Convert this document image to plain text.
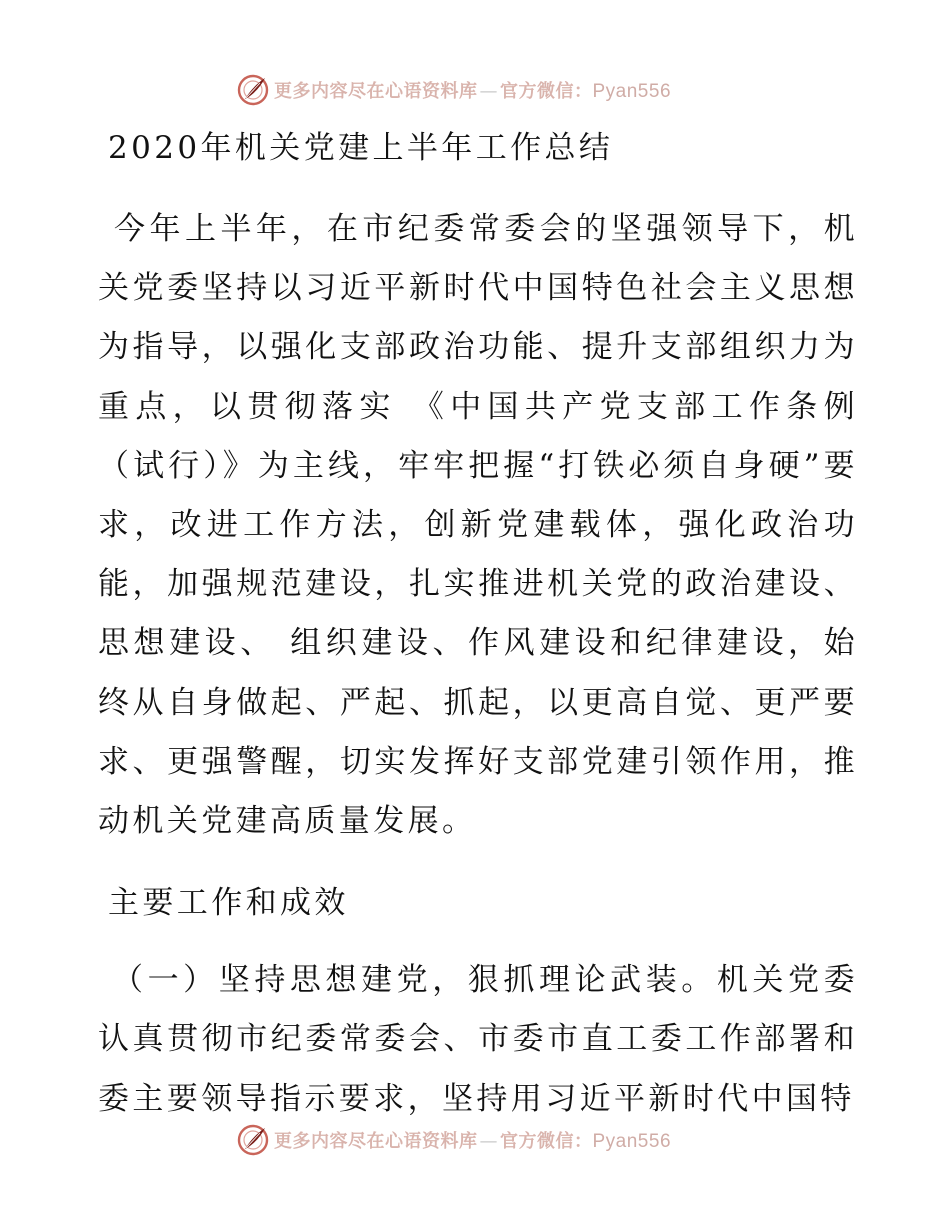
更多内容尽在心语资料库 — 官方微信：Pyan556
2020年机关党建上半年工作总结

今年上半年，在市纪委常委会的坚强领导下，机关党委坚持以习近平新时代中国特色社会主义思想为指导，以强化支部政治功能、提升支部组织力为重点，以贯彻落实 《中国共产党支部工作条例（试行）》为主线，牢牢把握“打铁必须自身硬”要求，改进工作方法，创新党建载体，强化政治功能，加强规范建设，扎实推进机关党的政治建设、思想建设、 组织建设、作风建设和纪律建设，始终从自身做起、严起、抓起，以更高自觉、更严要求、更强警醒，切实发挥好支部党建引领作用，推动机关党建高质量发展。

主要工作和成效

（一）坚持思想建党，狠抓理论武装。机关党委认真贯彻市纪委常委会、市委市直工委工作部署和委主要领导指示要求，坚持用习近平新时代中国特

更多内容尽在心语资料库 — 官方微信：Pyan556
